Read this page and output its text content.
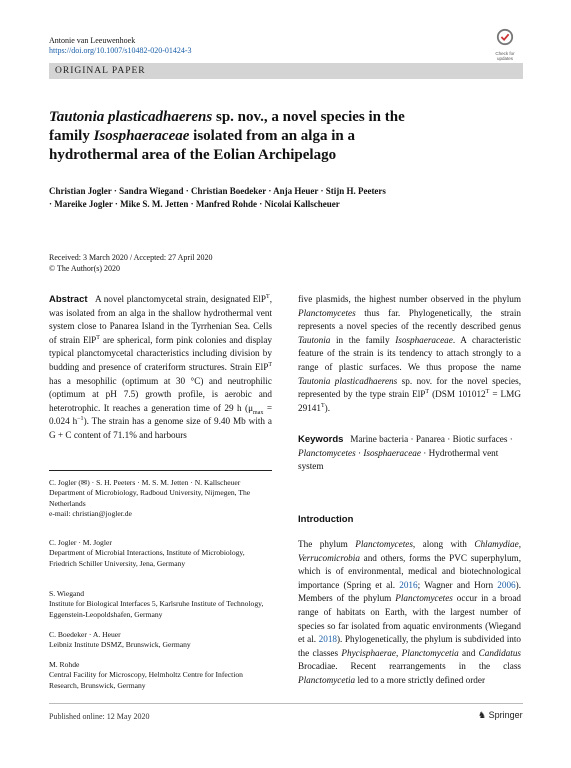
Antonie van Leeuwenhoek
https://doi.org/10.1007/s10482-020-01424-3	Check for
updates
ORIGINAL PAPER
Tautonia plasticadhaerens sp. nov., a novel species in the family Isosphaeraceae isolated from an alga in a hydrothermal area of the Eolian Archipelago
Christian Jogler · Sandra Wiegand · Christian Boedeker · Anja Heuer · Stijn H. Peeters · Mareike Jogler · Mike S. M. Jetten · Manfred Rohde · Nicolai Kallscheuer
Received: 3 March 2020 / Accepted: 27 April 2020
© The Author(s) 2020
Abstract A novel planctomycetal strain, designated ElP$^T$, was isolated from an alga in the shallow hydrothermal vent system close to Panarea Island in the Tyrrhenian Sea. Cells of strain ElP$^T$ are spherical, form pink colonies and display typical planctomycetal characteristics including division by budding and presence of crateriform structures. Strain ElP$^T$ has a mesophilic (optimum at 30 °C) and neutrophilic (optimum at pH 7.5) growth profile, is aerobic and heterotrophic. It reaches a generation time of 29 h ($\mu_{max} = 0.024$ $h^{-1}$). The strain has a genome size of 9.40 Mb with a G + C content of 71.1% and harbours
five plasmids, the highest number observed in the phylum Planctomycetes thus far. Phylogenetically, the strain represents a novel species of the recently described genus Tautonia in the family Isosphaeraceae. A characteristic feature of the strain is its tendency to attach strongly to a range of plastic surfaces. We thus propose the name Tautonia plasticadhaerens sp. nov. for the novel species, represented by the type strain ElP$^T$ (DSM $101012^T$ = LMG $29141^T$).
Keywords Marine bacteria · Panarea · Biotic surfaces · Planctomycetes · Isosphaeraceae · Hydrothermal vent system
C. Jogler (✉) · S. H. Peeters · M. S. M. Jetten · N. Kallscheuer
Department of Microbiology, Radboud University, Nijmegen, The Netherlands
e-mail: christian@jogler.de
C. Jogler · M. Jogler
Department of Microbial Interactions, Institute of Microbiology, Friedrich Schiller University, Jena, Germany
S. Wiegand
Institute for Biological Interfaces 5, Karlsruhe Institute of Technology, Eggenstein-Leopoldshafen, Germany
C. Boedeker · A. Heuer
Leibniz Institute DSMZ, Brunswick, Germany
M. Rohde
Central Facility for Microscopy, Helmholtz Centre for Infection Research, Brunswick, Germany
Introduction
The phylum Planctomycetes, along with Chlamydiae, Verrucomicrobia and others, forms the PVC superphylum, which is of environmental, medical and biotechnological importance (Spring et al. 2016; Wagner and Horn 2006). Members of the phylum Planctomycetes occur in a broad range of habitats on Earth, with the largest number of species so far isolated from aquatic environments (Wiegand et al. 2018). Phylogenetically, the phylum is subdivided into the classes Phycisphaerae, Planctomycetia and Candidatus Brocadiae. Recent rearrangements in the class Planctomycetia led to a more strictly defined order
Published online: 12 May 2020	♞ Springer
